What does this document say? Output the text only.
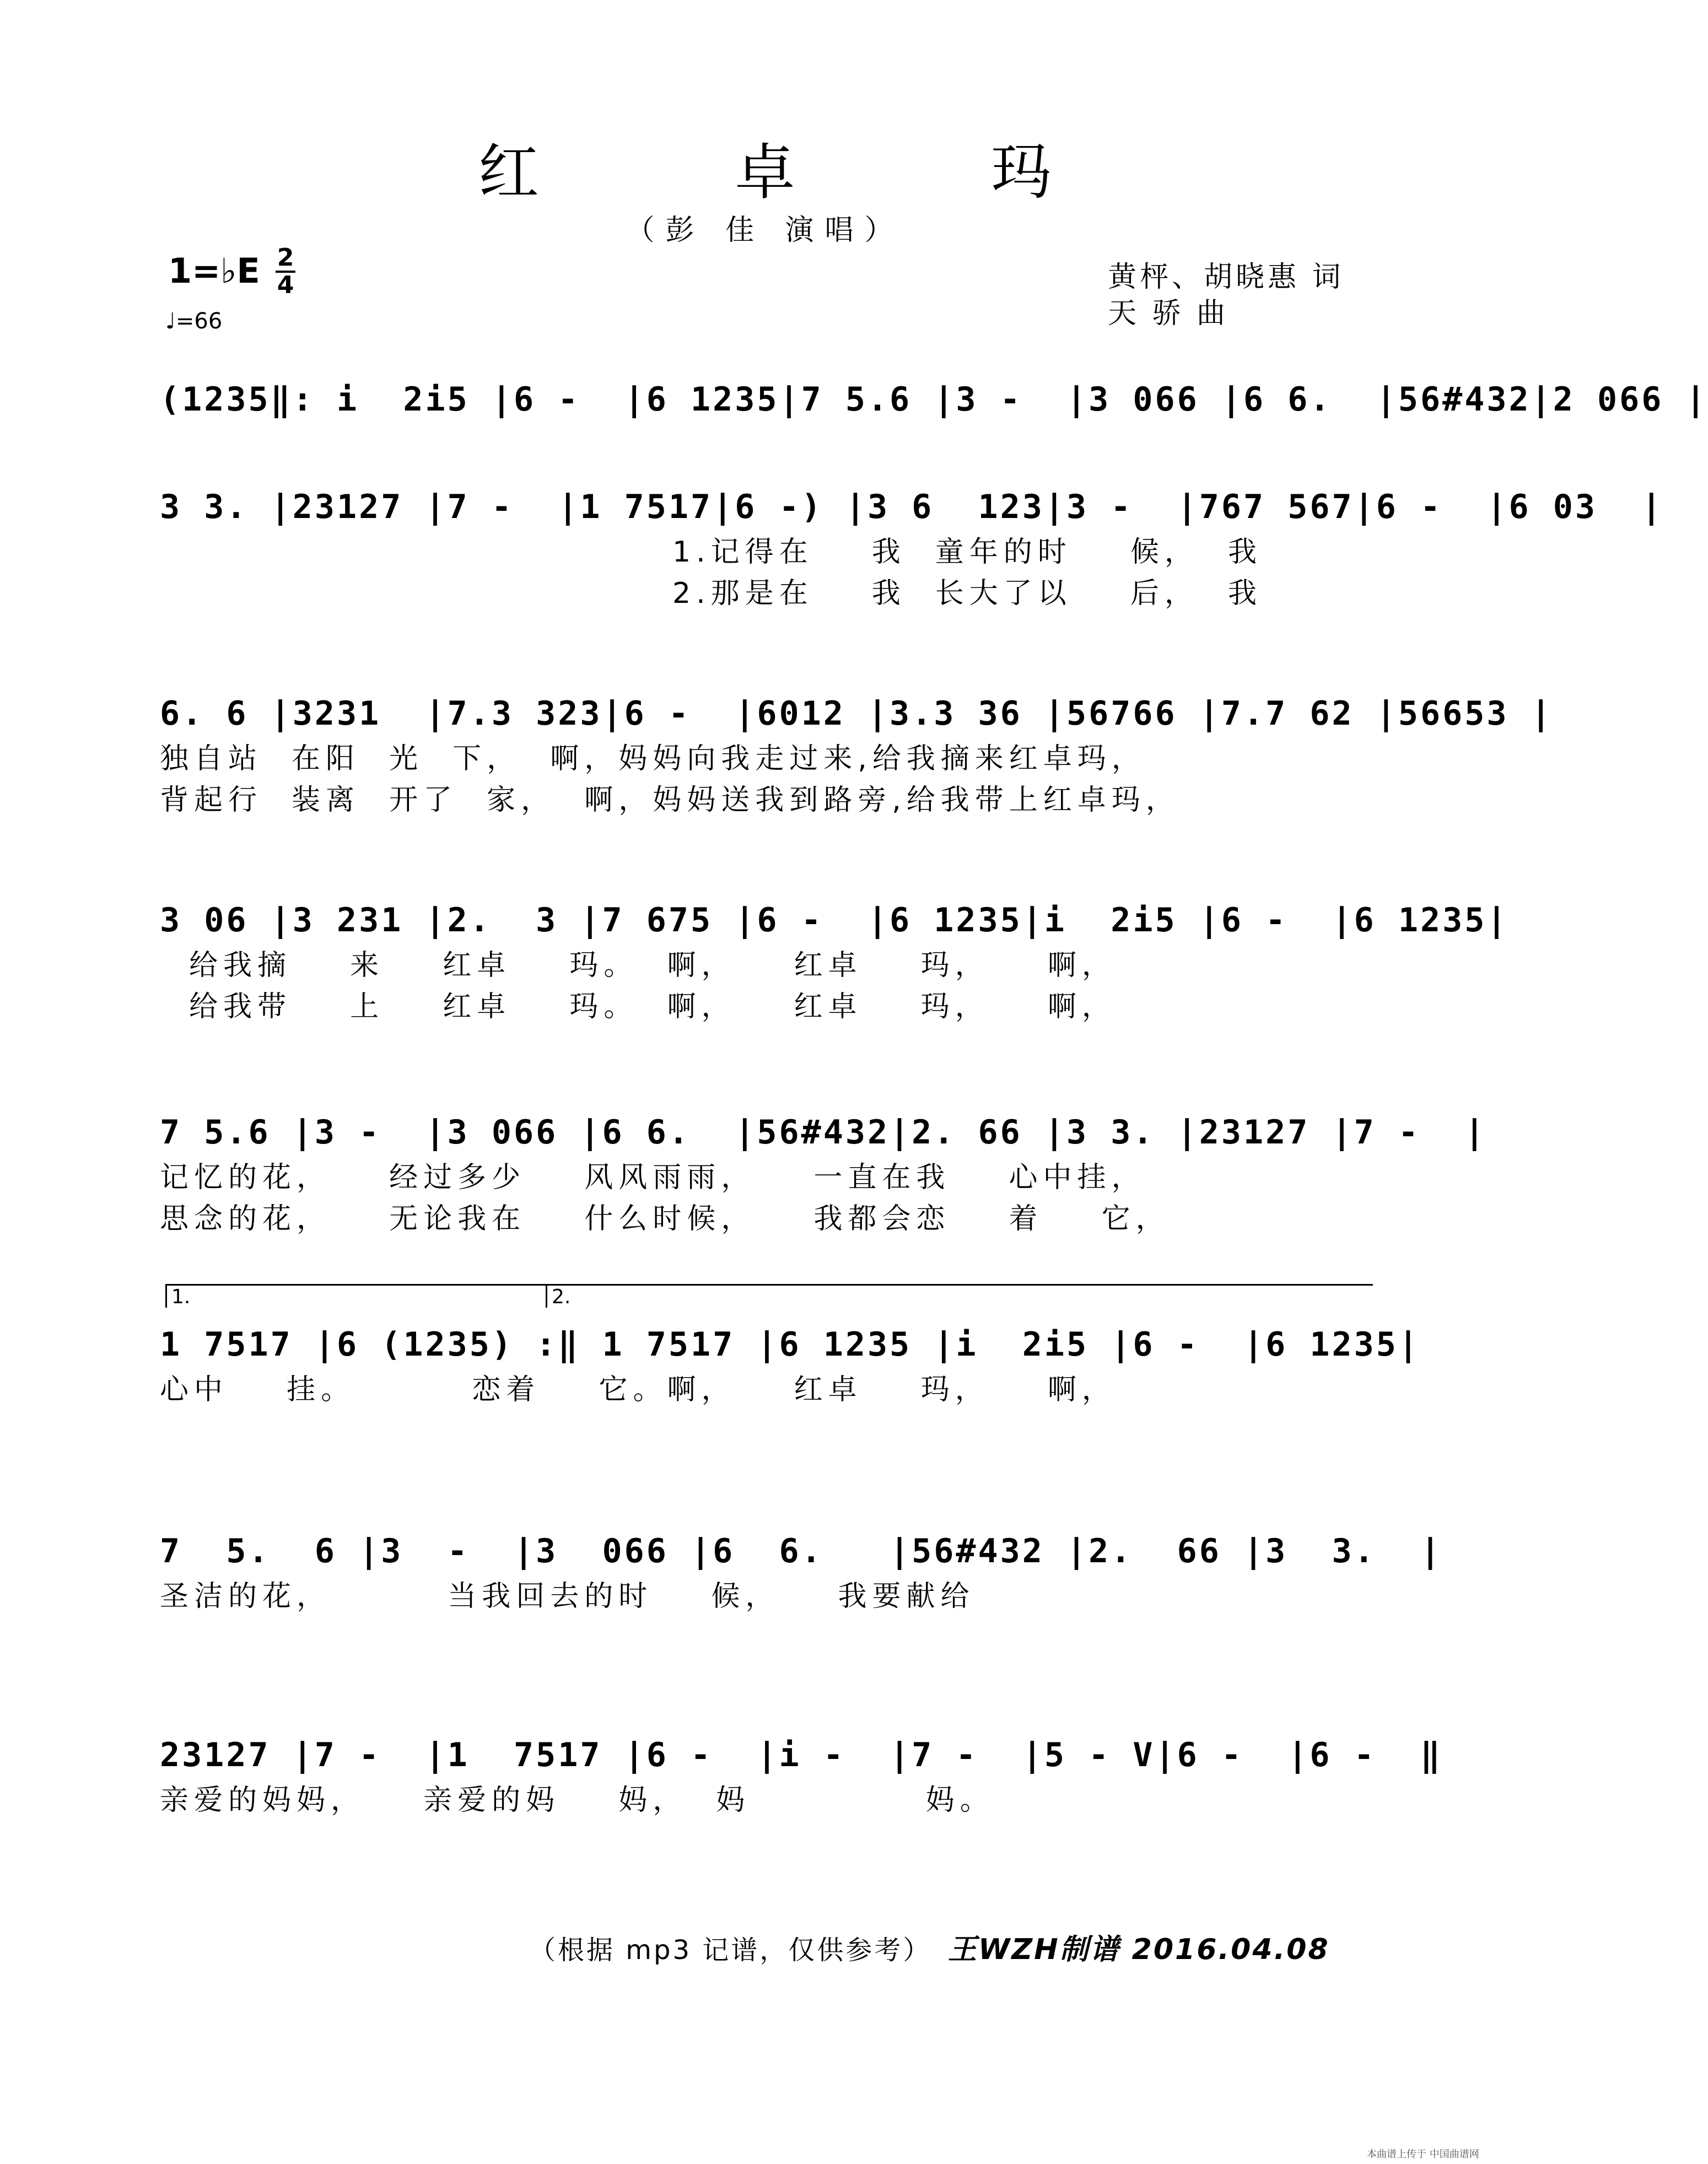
红 卓 玛
（彭 佳 演唱）
1=♭E 2
4
♩=66
黄枰、胡晓惠 词
天 骄 曲
(1235‖: i  2i5 |6 -  |6 1235|7 5.6 |3 -  |3 066 |6 6.  |56#432|2 066 |
3 3. |23127 |7 -  |1 7517|6 -) |3 6  123|3 -  |767 567|6 -  |6 03  |
1.记得在    我  童年的时    候，  我
2.那是在    我  长大了以    后，  我
6. 6 |3231  |7.3 323|6 -  |6012 |3.3 36 |56766 |7.7 62 |56653 |
独自站  在阳  光  下，  啊，妈妈向我走过来,给我摘来红卓玛，
背起行  装离  开了  家，  啊，妈妈送我到路旁,给我带上红卓玛，
3 06 |3 231 |2.  3 |7 675 |6 -  |6 1235|i  2i5 |6 -  |6 1235|
给我摘    来    红卓    玛。  啊，    红卓    玛，    啊，
给我带    上    红卓    玛。  啊，    红卓    玛，    啊，
7 5.6 |3 -  |3 066 |6 6.  |56#432|2. 66 |3 3. |23127 |7 -  |
记忆的花，    经过多少    风风雨雨，    一直在我    心中挂，
思念的花，    无论我在    什么时候，    我都会恋    着    它，
1.	2.
1 7517 |6 (1235) :‖ 1 7517 |6 1235 |i  2i5 |6 -  |6 1235|
心中    挂。        恋着    它。啊，    红卓    玛，    啊，
7  5.  6 |3  -  |3  066 |6  6.   |56#432 |2.  66 |3  3.  |
圣洁的花，        当我回去的时    候，    我要献给
23127 |7 -  |1  7517 |6 -  |i -  |7 -  |5 - V|6 -  |6 -  ‖
亲爱的妈妈，    亲爱的妈    妈，  妈            妈。
（根据 mp3 记谱，仅供参考） 王WZH制谱 2016.04.08
本曲谱上传于 中国曲谱网
